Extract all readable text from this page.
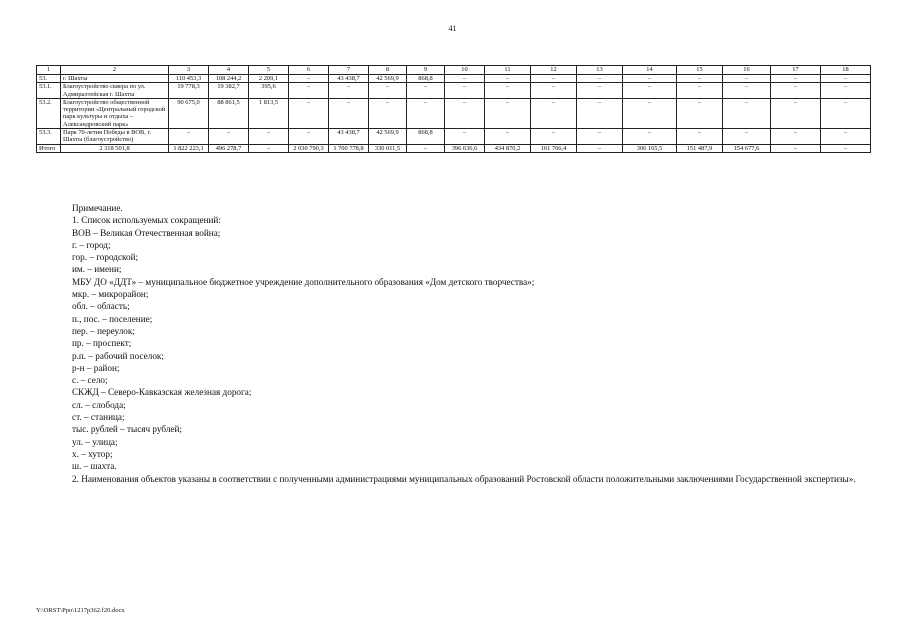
41
1	2	3	4	5	6	7	8	9	10	11	12	13	14	15	16	17	18
53.	г. Шахты	110 453,3	108 244,2	2 209,1	–	43 438,7	42 569,9	868,8	–	–	–	–	–	–	–	–	–
53.1.	Благоустройство сквера по ул. Адмиралтейская г. Шахты	19 778,3	19 382,7	395,6	–	–	–	–	–	–	–	–	–	–	–	–	–
53.2.	Благоустройство общественной территории «Центральный городской парк культуры и отдыха – Александровский парк»	90 675,0	88 861,5	1 813,5	–	–	–	–	–	–	–	–	–	–	–	–	–
53.3.	Парк 70-летия Победы в ВОВ, г. Шахты (благоустройство)	–	–	–	–	43 438,7	42 569,9	868,8	–	–	–	–	–	–	–	–	–
Итого	2 318 501,8	1 822 223,1	496 278,7	–	2 030 790,3	1 700 778,8	330 011,5	–	396 636,6	434 870,2	161 766,4	–	306 165,5	151 487,9	154 677,6	–	–

Примечание.

1. Список используемых сокращений:

ВОВ – Великая Отечественная война;

г. – город;

гор. – городской;

им. – имени;

МБУ ДО «ДДТ» – муниципальное бюджетное учреждение дополнительного образования «Дом детского творчества»;

мкр. – микрорайон;

обл. – область;

п., пос. – поселение;

пер. – переулок;

пр. – проспект;

р.п. – рабочий поселок;

р-н – район;

с. – село;

СКЖД – Северо-Кавказская железная дорога;

сл. – слобода;

ст. – станица;

тыс. рублей – тысяч рублей;

ул. – улица;

х. – хутор;

ш. – шахта.

2. Наименования объектов указаны в соответствии с полученными администрациями муниципальных образований Ростовской области положительными заключениями Государственной экспертизы».

Y:\ORST\Ppo\1217p362.f20.docx
